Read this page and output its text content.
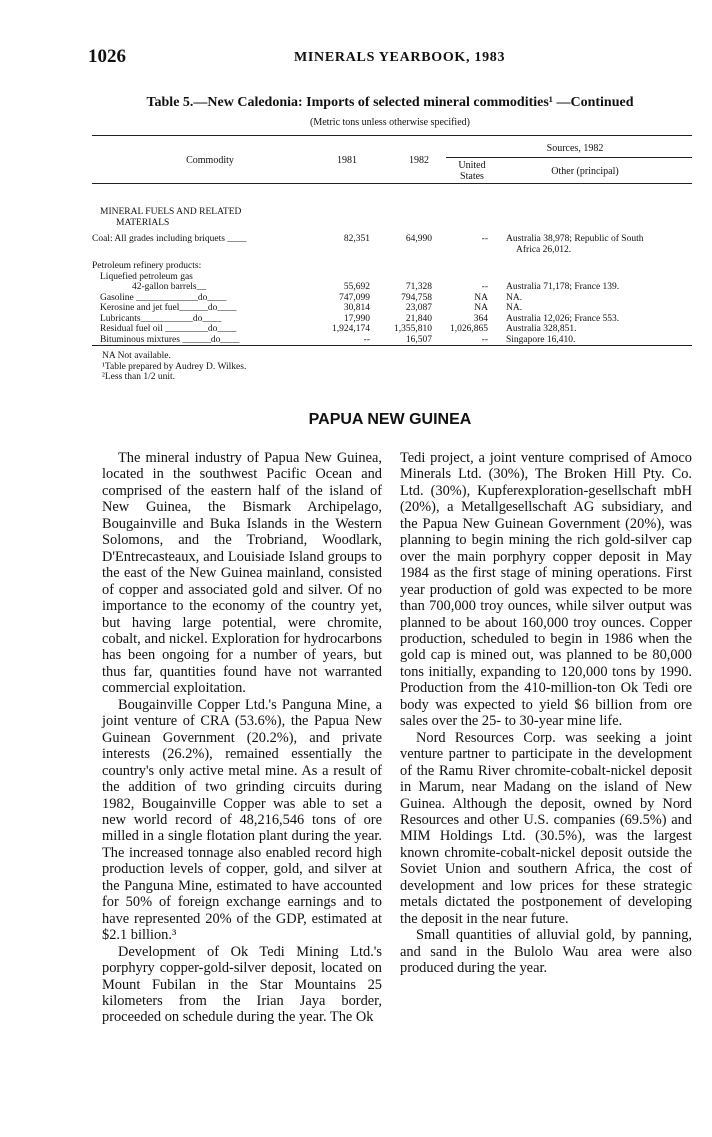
1026	MINERALS YEARBOOK, 1983
Table 5.—New Caledonia: Imports of selected mineral commodities¹ —Continued
(Metric tons unless otherwise specified)
Commodity	1981	1982
Sources, 1982
United States	Other (principal)
MINERAL FUELS AND RELATED
MATERIALS
Coal: All grades including briquets ____	82,351	64,990	-- Australia 38,978; Republic of South
Africa 26,012.
Petroleum refinery products:
Liquefied petroleum gas
42-gallon barrels__	55,692	71,328	-- Australia 71,178; France 139.
Gasoline _____________do____	747,099	794,758	NA NA.
Kerosine and jet fuel______do____	30,814	23,087	NA NA.
Lubricants___________do____	17,990	21,840	364 Australia 12,026; France 553.
Residual fuel oil _________do____	1,924,174	1,355,810	1,026,865 Australia 328,851.
Bituminous mixtures ______do____	--	16,507	-- Singapore 16,410.
NA Not available.
¹Table prepared by Audrey D. Wilkes.
²Less than 1/2 unit.
PAPUA NEW GUINEA

The mineral industry of Papua New Guinea, located in the southwest Pacific Ocean and comprised of the eastern half of the island of New Guinea, the Bismark Archipelago, Bougainville and Buka Islands in the Western Solomons, and the Trobriand, Woodlark, D'Entrecasteaux, and Louisiade Island groups to the east of the New Guinea mainland, consisted of copper and associated gold and silver. Of no importance to the economy of the country yet, but having large potential, were chromite, cobalt, and nickel. Exploration for hydrocarbons has been ongoing for a number of years, but thus far, quantities found have not warranted commercial exploitation.

Bougainville Copper Ltd.'s Panguna Mine, a joint venture of CRA (53.6%), the Papua New Guinean Government (20.2%), and private interests (26.2%), remained essentially the country's only active metal mine. As a result of the addition of two grinding circuits during 1982, Bougainville Copper was able to set a new world record of 48,216,546 tons of ore milled in a single flotation plant during the year. The increased tonnage also enabled record high production levels of copper, gold, and silver at the Panguna Mine, estimated to have accounted for 50% of foreign exchange earnings and to have represented 20% of the GDP, estimated at $2.1 billion.³

Development of Ok Tedi Mining Ltd.'s porphyry copper-gold-silver deposit, located on Mount Fubilan in the Star Mountains 25 kilometers from the Irian Jaya border, proceeded on schedule during the year. The Ok

Tedi project, a joint venture comprised of Amoco Minerals Ltd. (30%), The Broken Hill Pty. Co. Ltd. (30%), Kupferexploration-gesellschaft mbH (20%), a Metallgesellschaft AG subsidiary, and the Papua New Guinean Government (20%), was planning to begin mining the rich gold-silver cap over the main porphyry copper deposit in May 1984 as the first stage of mining operations. First year production of gold was expected to be more than 700,000 troy ounces, while silver output was planned to be about 160,000 troy ounces. Copper production, scheduled to begin in 1986 when the gold cap is mined out, was planned to be 80,000 tons initially, expanding to 120,000 tons by 1990. Production from the 410-million-ton Ok Tedi ore body was expected to yield $6 billion from ore sales over the 25- to 30-year mine life.

Nord Resources Corp. was seeking a joint venture partner to participate in the development of the Ramu River chromite-cobalt-nickel deposit in Marum, near Madang on the island of New Guinea. Although the deposit, owned by Nord Resources and other U.S. companies (69.5%) and MIM Holdings Ltd. (30.5%), was the largest known chromite-cobalt-nickel deposit outside the Soviet Union and southern Africa, the cost of development and low prices for these strategic metals dictated the postponement of developing the deposit in the near future.

Small quantities of alluvial gold, by panning, and sand in the Bulolo Wau area were also produced during the year.
